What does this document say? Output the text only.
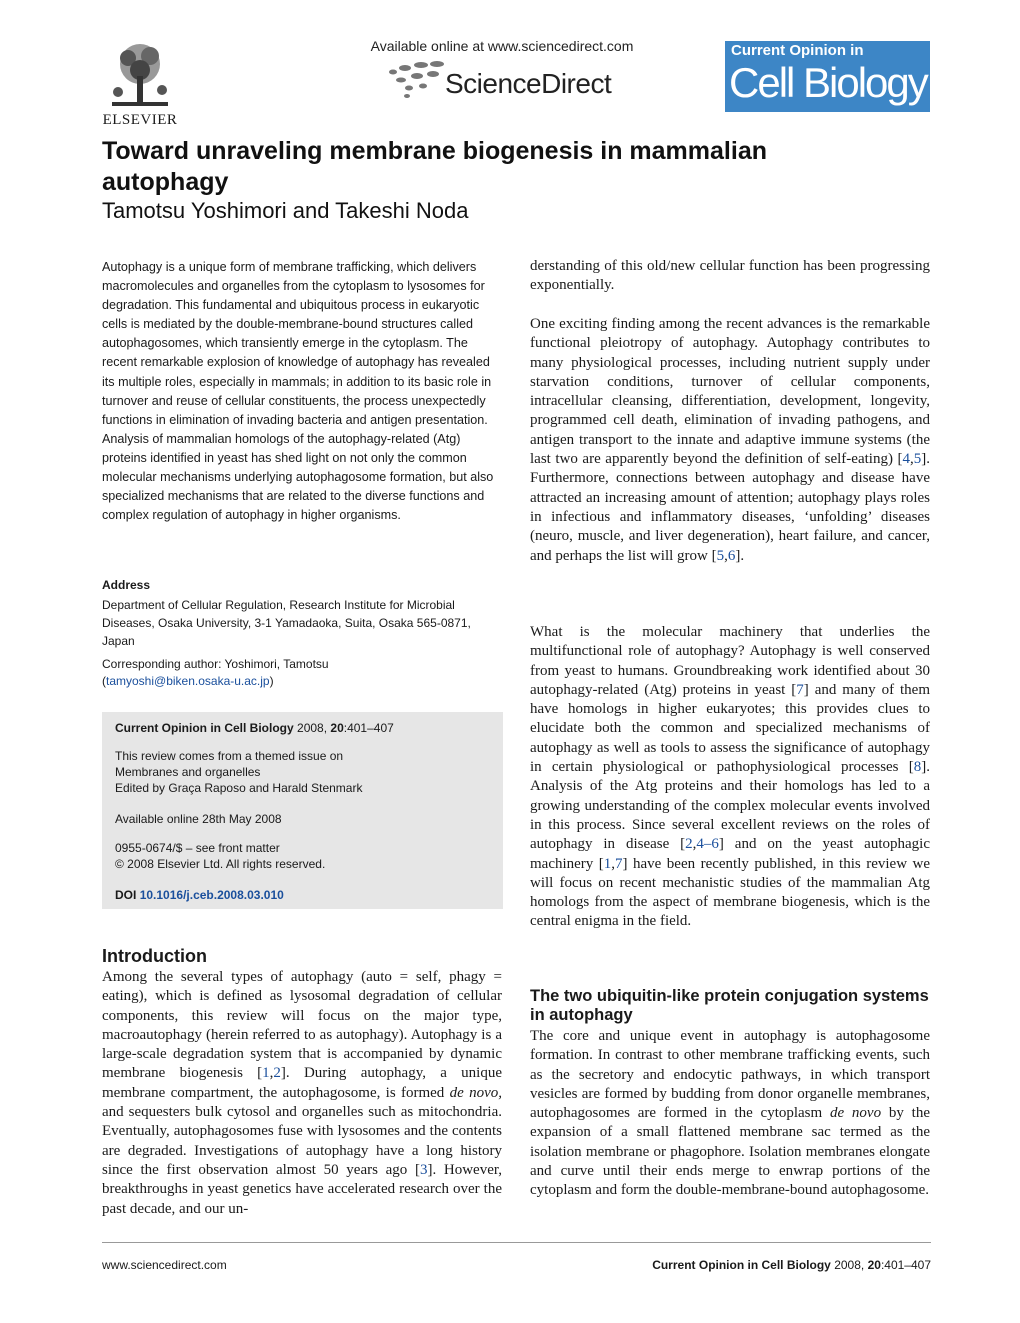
ELSEVIER
Available online at www.sciencedirect.com
ScienceDirect
Current Opinion in
Cell Biology
Toward unraveling membrane biogenesis in mammalian autophagy
Tamotsu Yoshimori and Takeshi Noda
Autophagy is a unique form of membrane trafficking, which delivers macromolecules and organelles from the cytoplasm to lysosomes for degradation. This fundamental and ubiquitous process in eukaryotic cells is mediated by the double-membrane-bound structures called autophagosomes, which transiently emerge in the cytoplasm. The recent remarkable explosion of knowledge of autophagy has revealed its multiple roles, especially in mammals; in addition to its basic role in turnover and reuse of cellular constituents, the process unexpectedly functions in elimination of invading bacteria and antigen presentation. Analysis of mammalian homologs of the autophagy-related (Atg) proteins identified in yeast has shed light on not only the common molecular mechanisms underlying autophagosome formation, but also specialized mechanisms that are related to the diverse functions and complex regulation of autophagy in higher organisms.
Address
Department of Cellular Regulation, Research Institute for Microbial Diseases, Osaka University, 3-1 Yamadaoka, Suita, Osaka 565-0871, Japan
Corresponding author: Yoshimori, Tamotsu
(tamyoshi@biken.osaka-u.ac.jp)
Current Opinion in Cell Biology 2008, 20:401–407
This review comes from a themed issue on
Membranes and organelles
Edited by Graça Raposo and Harald Stenmark
Available online 28th May 2008
0955-0674/$ – see front matter
© 2008 Elsevier Ltd. All rights reserved.
DOI 10.1016/j.ceb.2008.03.010
Introduction
Among the several types of autophagy (auto = self, phagy = eating), which is defined as lysosomal degradation of cellular components, this review will focus on the major type, macroautophagy (herein referred to as autophagy). Autophagy is a large-scale degradation system that is accompanied by dynamic membrane biogenesis [1,2]. During autophagy, a unique membrane compartment, the autophagosome, is formed de novo, and sequesters bulk cytosol and organelles such as mitochondria. Eventually, autophagosomes fuse with lysosomes and the contents are degraded. Investigations of autophagy have a long history since the first observation almost 50 years ago [3]. However, breakthroughs in yeast genetics have accelerated research over the past decade, and our un-
derstanding of this old/new cellular function has been progressing exponentially.
One exciting finding among the recent advances is the remarkable functional pleiotropy of autophagy. Autophagy contributes to many physiological processes, including nutrient supply under starvation conditions, turnover of cellular components, intracellular cleansing, differentiation, development, longevity, programmed cell death, elimination of invading pathogens, and antigen transport to the innate and adaptive immune systems (the last two are apparently beyond the definition of self-eating) [4,5]. Furthermore, connections between autophagy and disease have attracted an increasing amount of attention; autophagy plays roles in infectious and inflammatory diseases, ‘unfolding’ diseases (neuro, muscle, and liver degeneration), heart failure, and cancer, and perhaps the list will grow [5,6].
What is the molecular machinery that underlies the multifunctional role of autophagy? Autophagy is well conserved from yeast to humans. Groundbreaking work identified about 30 autophagy-related (Atg) proteins in yeast [7] and many of them have homologs in higher eukaryotes; this provides clues to elucidate both the common and specialized mechanisms of autophagy as well as tools to assess the significance of autophagy in certain physiological or pathophysiological processes [8]. Analysis of the Atg proteins and their homologs has led to a growing understanding of the complex molecular events involved in this process. Since several excellent reviews on the roles of autophagy in disease [2,4–6] and on the yeast autophagic machinery [1,7] have been recently published, in this review we will focus on recent mechanistic studies of the mammalian Atg homologs from the aspect of membrane biogenesis, which is the central enigma in the field.
The two ubiquitin-like protein conjugation systems in autophagy
The core and unique event in autophagy is autophagosome formation. In contrast to other membrane trafficking events, such as the secretory and endocytic pathways, in which transport vesicles are formed by budding from donor organelle membranes, autophagosomes are formed in the cytoplasm de novo by the expansion of a small flattened membrane sac termed as the isolation membrane or phagophore. Isolation membranes elongate and curve until their ends merge to enwrap portions of the cytoplasm and form the double-membrane-bound autophagosome.
www.sciencedirect.com	Current Opinion in Cell Biology 2008, 20:401–407
